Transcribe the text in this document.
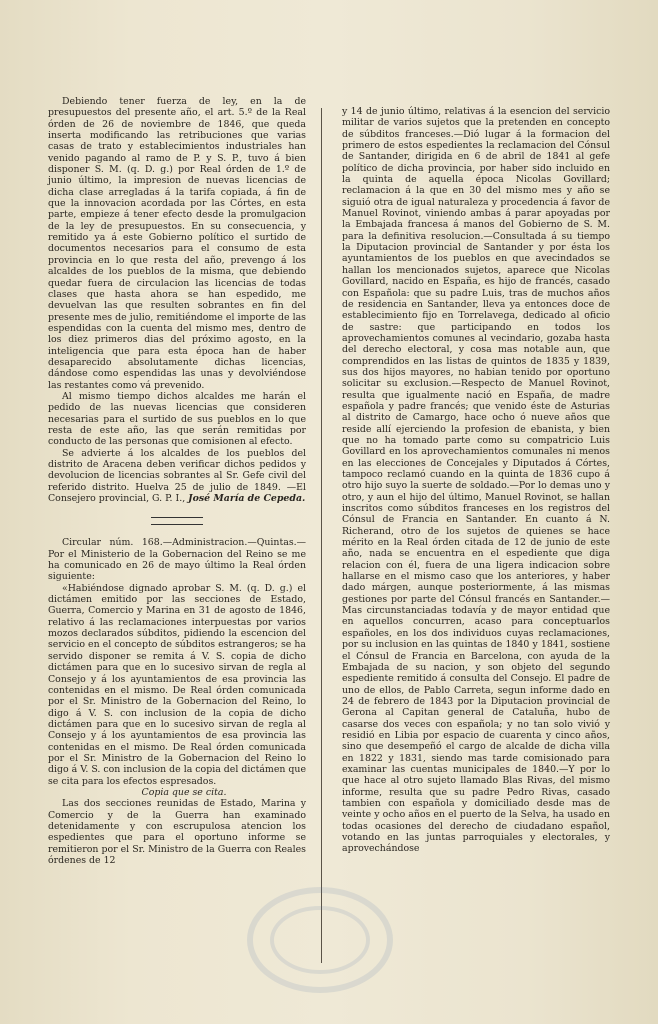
Debiendo tener fuerza de ley, en la de presupuestos del presente año, el art. 5.º de la Real órden de 26 de noviembre de 1846, que queda inserta modificando las retribuciones que varias casas de trato y establecimientos industriales han venido pagando al ramo de P. y S. P., tuvo á bien disponer S. M. (q. D. g.) por Real órden de 1.º de junio último, la impresion de nuevas licencias de dicha clase arregladas á la tarifa copiada, á fin de que la innovacion acordada por las Córtes, en esta parte, empieze á tener efecto desde la promulgacion de la ley de presupuestos. En su consecuencia, y remitido ya á este Gobierno político el surtido de documentos necesarios para el consumo de esta provincia en lo que resta del año, prevengo á los alcaldes de los pueblos de la misma, que debiendo quedar fuera de circulacion las licencias de todas clases que hasta ahora se han espedido, me devuelvan las que resulten sobrantes en fin del presente mes de julio, remitiéndome el importe de las espendidas con la cuenta del mismo mes, dentro de los diez primeros dias del próximo agosto, en la inteligencia que para esta época han de haber desaparecido absolutamente dichas licencias, dándose como espendidas las unas y devolviéndose las restantes como vá prevenido.

Al mismo tiempo dichos alcaldes me harán el pedido de las nuevas licencias que consideren necesarias para el surtido de sus pueblos en lo que resta de este año, las que serán remitidas por conducto de las personas que comisionen al efecto.

Se advierte á los alcaldes de los pueblos del distrito de Aracena deben verificar dichos pedidos y devolucion de licencias sobrantes al Sr. Gefe civil del referido distrito. Huelva 25 de julio de 1849. —El Consejero provincial, G. P. I., José María de Cepeda.

Circular núm. 168.—Administracion.—Quintas.—Por el Ministerio de la Gobernacion del Reino se me ha comunicado en 26 de mayo último la Real órden siguiente:

«Habiéndose dignado aprobar S. M. (q. D. g.) el dictámen emitido por las secciones de Estado, Guerra, Comercio y Marina en 31 de agosto de 1846, relativo á las reclamaciones interpuestas por varios mozos declarados súbditos, pidiendo la escencion del servicio en el concepto de súbditos estrangeros; se ha servido disponer se remita á V. S. copia de dicho dictámen para que en lo sucesivo sirvan de regla al Consejo y á los ayuntamientos de esa provincia las contenidas en el mismo. De Real órden comunicada por el Sr. Ministro de la Gobernacion del Reino, lo digo á V. S. con inclusion de la copia de dicho dictámen para que en lo sucesivo sirvan de regla al Consejo y á los ayuntamientos de esa provincia las contenidas en el mismo. De Real órden comunicada por el Sr. Ministro de la Gobernacion del Reino lo digo á V. S. con inclusion de la copia del dictámen que se cita para los efectos espresados.

Copia que se cita.

Las dos secciones reunidas de Estado, Marina y Comercio y de la Guerra han examinado detenidamente y con escrupulosa atencion los espedientes que para el oportuno informe se remitieron por el Sr. Ministro de la Guerra con Reales órdenes de 12

y 14 de junio último, relativas á la esencion del servicio militar de varios sujetos que la pretenden en concepto de súbditos franceses.—Dió lugar á la formacion del primero de estos espedientes la reclamacion del Cónsul de Santander, dirigida en 6 de abril de 1841 al gefe político de dicha provincia, por haber sido incluido en la quinta de aquella época Nicolas Govillard; reclamacion á la que en 30 del mismo mes y año se siguió otra de igual naturaleza y procedencia á favor de Manuel Rovinot, viniendo ambas á parar apoyadas por la Embajada francesa á manos del Gobierno de S. M. para la definitiva resolucion.—Consultada á su tiempo la Diputacion provincial de Santander y por ésta los ayuntamientos de los pueblos en que avecindados se hallan los mencionados sujetos, aparece que Nicolas Govillard, nacido en España, es hijo de francés, casado con Española: que su padre Luis, tras de muchos años de residencia en Santander, lleva ya entonces doce de establecimiento fijo en Torrelavega, dedicado al oficio de sastre: que participando en todos los aprovechamientos comunes al vecindario, gozaba hasta del derecho electoral, y cosa mas notable aun, que comprendidos en las listas de quintos de 1835 y 1839, sus dos hijos mayores, no habian tenido por oportuno solicitar su exclusion.—Respecto de Manuel Rovinot, resulta que igualmente nació en España, de madre española y padre francés; que venido éste de Asturias al distrito de Camargo, hace ocho ó nueve años que reside allí ejerciendo la profesion de ebanista, y bien que no ha tomado parte como su compatricio Luis Govillard en los aprovechamientos comunales ni menos en las elecciones de Concejales y Diputados á Córtes, tampoco reclamó cuando en la quinta de 1836 cupo á otro hijo suyo la suerte de soldado.—Por lo demas uno y otro, y aun el hijo del último, Manuel Rovinot, se hallan inscritos como súbditos franceses en los registros del Cónsul de Francia en Santander. En cuanto á N. Richerand, otro de los sujetos de quienes se hace mérito en la Real órden citada de 12 de junio de este año, nada se encuentra en el espediente que diga relacion con él, fuera de una ligera indicacion sobre hallarse en el mismo caso que los anteriores, y haber dado márgen, aunque posteriormente, á las mismas gestiones por parte del Cónsul francés en Santander.—Mas circunstanciadas todavía y de mayor entidad que en aquellos concurren, acaso para conceptuarlos españoles, en los dos individuos cuyas reclamaciones, por su inclusion en las quintas de 1840 y 1841, sostiene el Cónsul de Francia en Barcelona, con ayuda de la Embajada de su nacion, y son objeto del segundo espediente remitido á consulta del Consejo. El padre de uno de ellos, de Pablo Carreta, segun informe dado en 24 de febrero de 1843 por la Diputacion provincial de Gerona al Capitan general de Cataluña, hubo de casarse dos veces con española; y no tan solo vivió y residió en Libia por espacio de cuarenta y cinco años, sino que desempeñó el cargo de alcalde de dicha villa en 1822 y 1831, siendo mas tarde comisionado para examinar las cuentas municipales de 1840.—Y por lo que hace al otro sujeto llamado Blas Rivas, del mismo informe, resulta que su padre Pedro Rivas, casado tambien con española y domiciliado desde mas de veinte y ocho años en el puerto de la Selva, ha usado en todas ocasiones del derecho de ciudadano español, votando en las juntas parroquiales y electorales, y aprovechándose
